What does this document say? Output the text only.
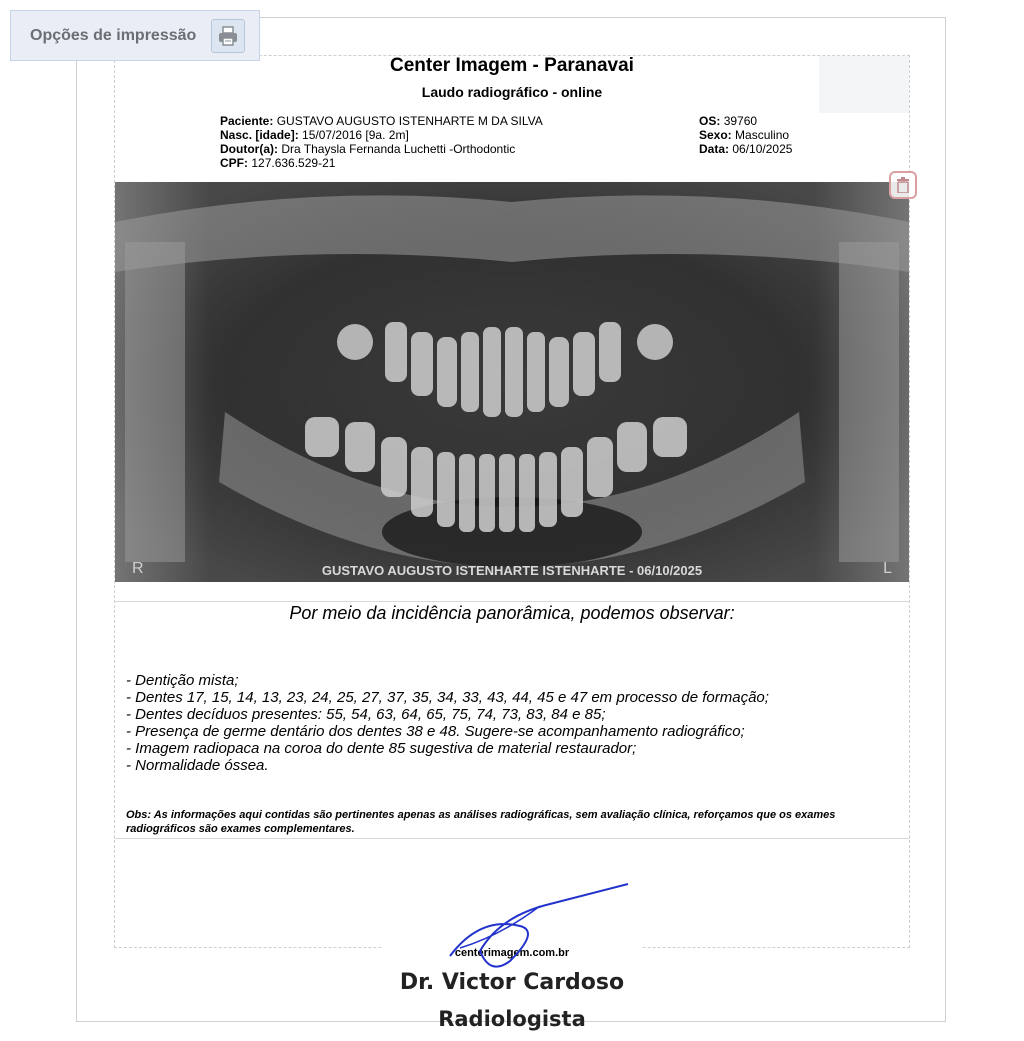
Opções de impressão
Center Imagem - Paranavai
Laudo radiográfico - online
Paciente: GUSTAVO AUGUSTO ISTENHARTE M DA SILVA
Nasc. [idade]: 15/07/2016 [9a. 2m]
Doutor(a): Dra Thaysla Fernanda Luchetti -Orthodontic
CPF: 127.636.529-21
OS: 39760
Sexo: Masculino
Data: 06/10/2025
GUSTAVO AUGUSTO ISTENHARTE ISTENHARTE - 06/10/2025
R	L
Por meio da incidência panorâmica, podemos observar:
- Dentição mista;
- Dentes 17, 15, 14, 13, 23, 24, 25, 27, 37, 35, 34, 33, 43, 44, 45 e 47 em processo de formação;
- Dentes decíduos presentes: 55, 54, 63, 64, 65, 75, 74, 73, 83, 84 e 85;
- Presença de germe dentário dos dentes 38 e 48. Sugere-se acompanhamento radiográfico;
- Imagem radiopaca na coroa do dente 85 sugestiva de material restaurador;
- Normalidade óssea.
Obs: As informações aqui contidas são pertinentes apenas as análises radiográficas, sem avaliação clínica, reforçamos que os exames radiográficos são exames complementares.
centerimagem.com.br
Dr. Victor Cardoso
Radiologista
